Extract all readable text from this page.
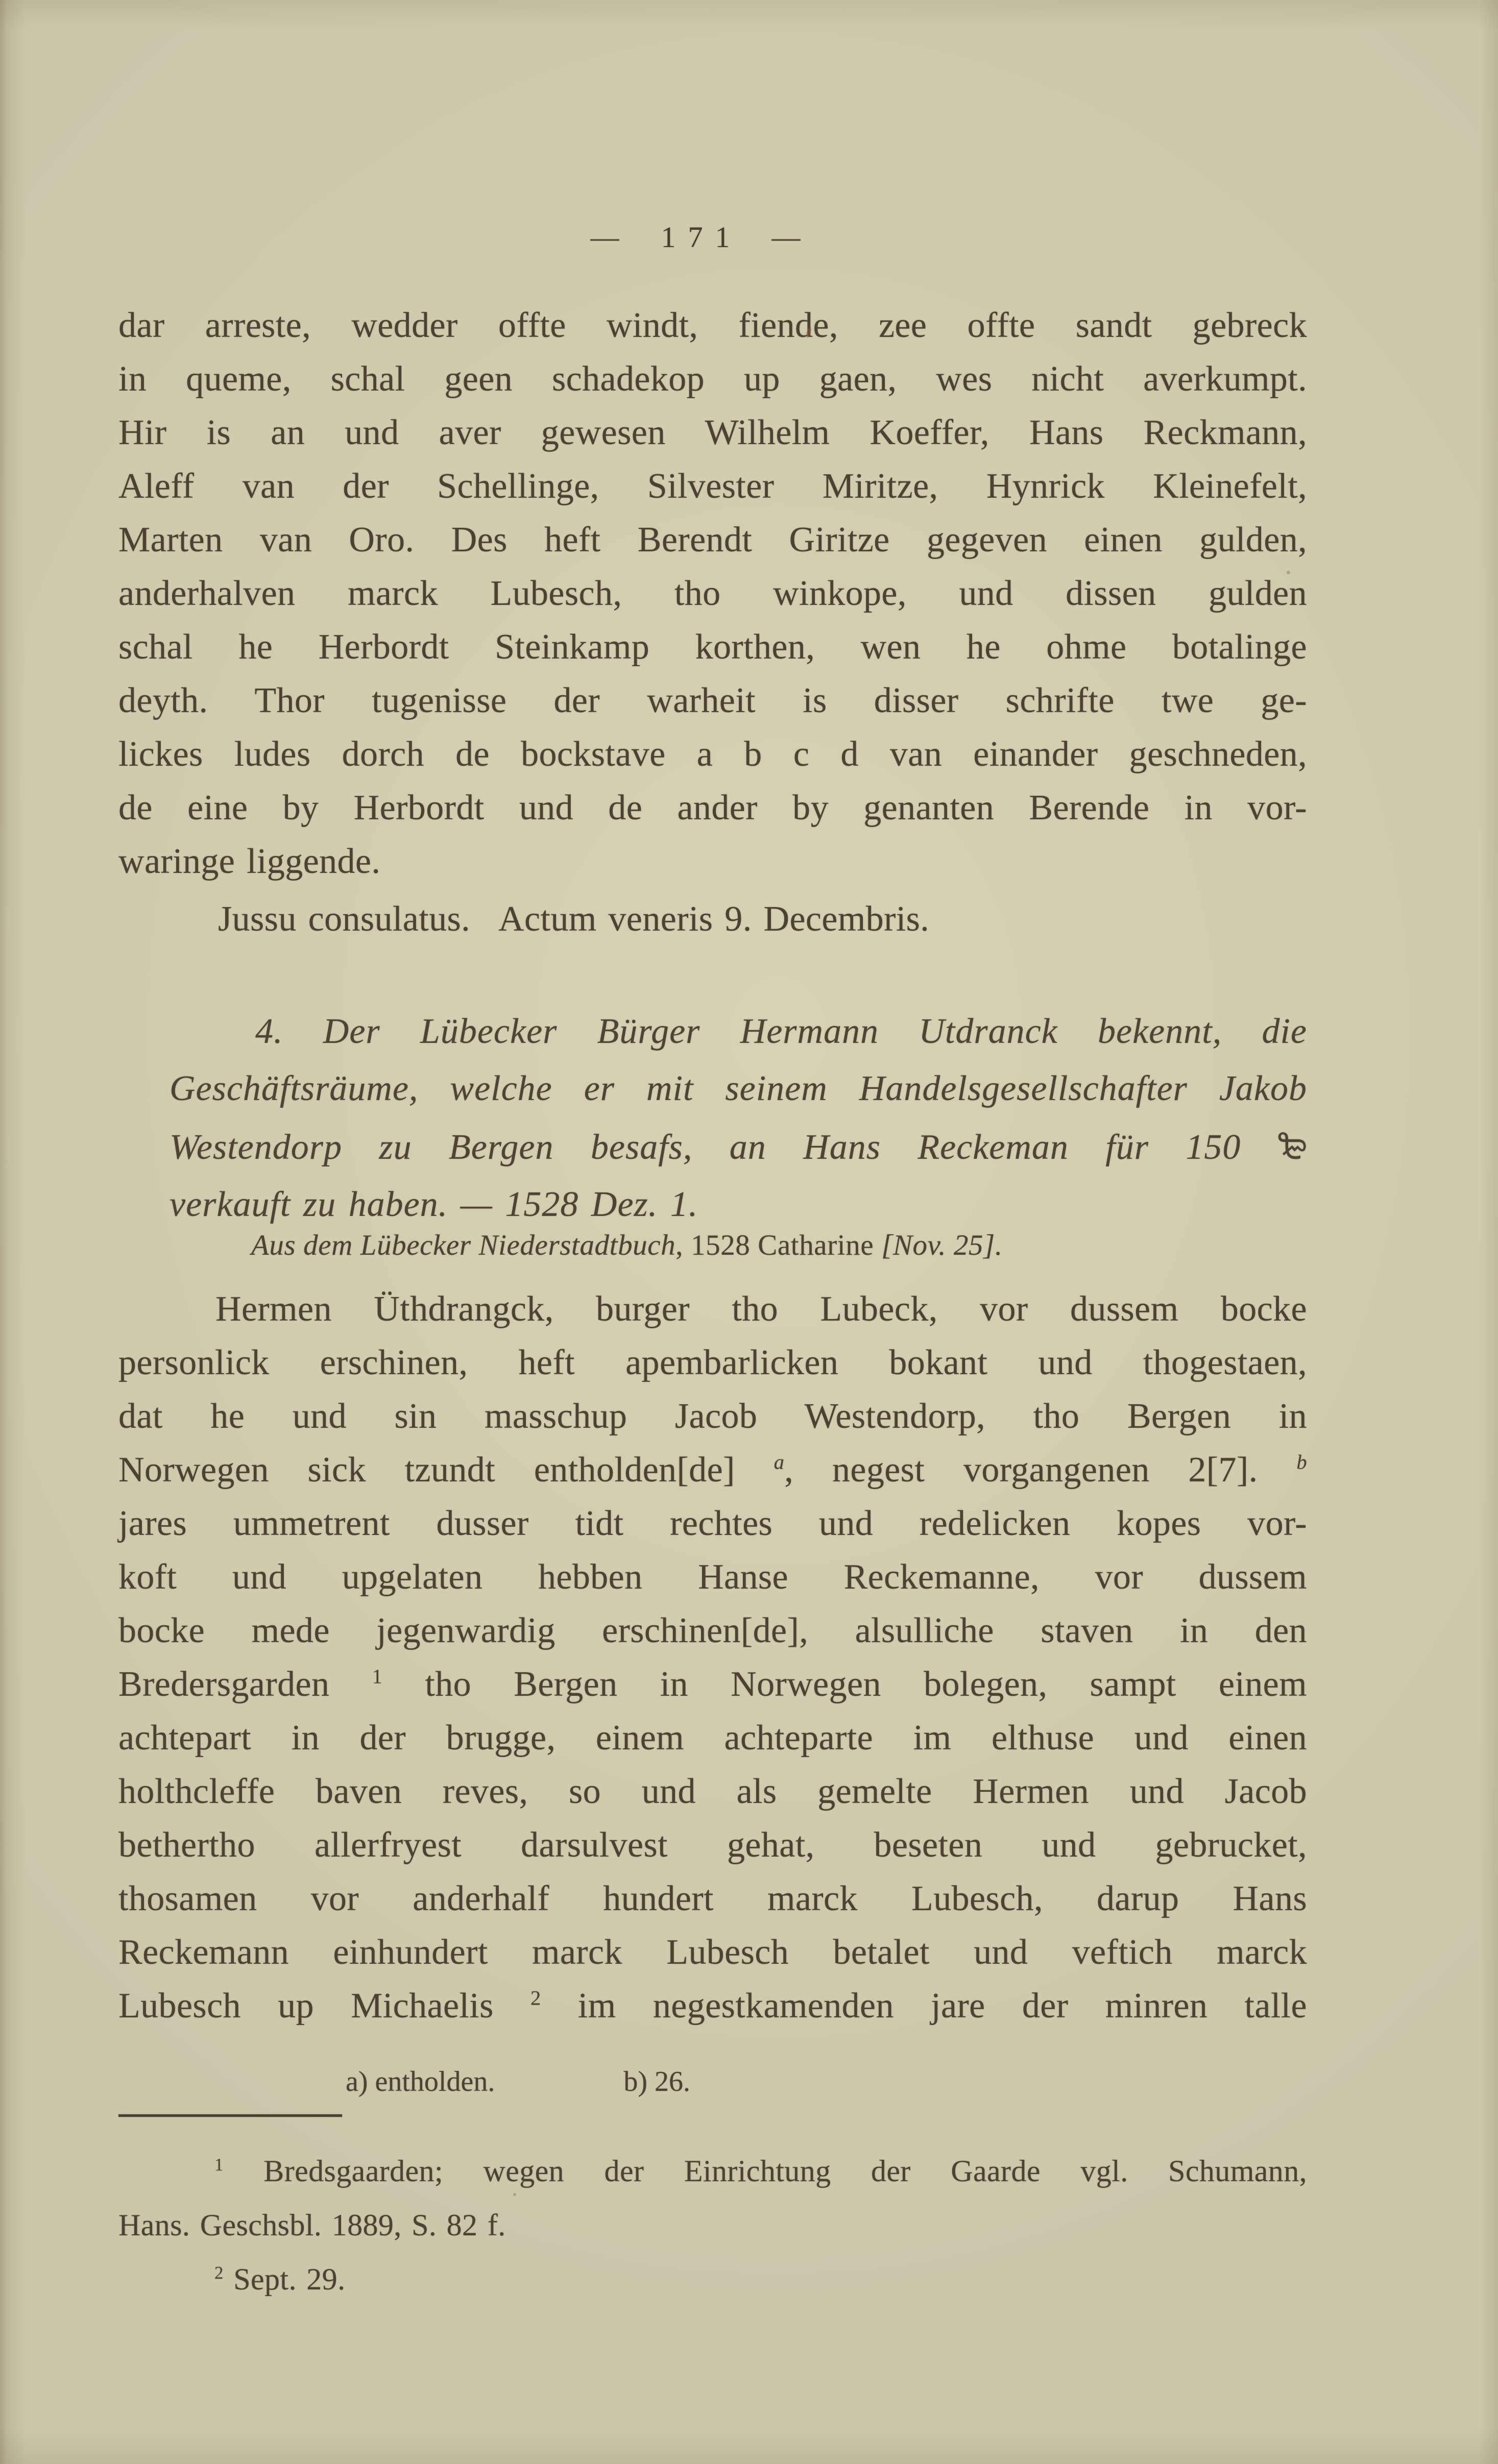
—	171 —
dar arreste, wedder offte windt, fiende, zee offte sandt gebreck
in queme, schal geen schadekop up gaen, wes nicht averkumpt.
Hir is an und aver gewesen Wilhelm Koeffer, Hans Reckmann,
Aleff van der Schellinge, Silvester Miritze, Hynrick Kleinefelt,
Marten van Oro. Des heft Berendt Giritze gegeven einen gulden,
anderhalven marck Lubesch, tho winkope, und dissen gulden
schal he Herbordt Steinkamp korthen, wen he ohme botalinge
deyth. Thor tugenisse der warheit is disser schrifte twe ge-
lickes ludes dorch de bockstave a b c d van einander geschneden,
de eine by Herbordt und de ander by genanten Berende in vor-
waringe liggende.
Jussu consulatus. Actum veneris 9. Decembris.
4. Der Lübecker Bürger Hermann Utdranck bekennt, die
Geschäftsräume, welche er mit seinem Handelsgesellschafter Jakob
Westendorp zu Bergen besafs, an Hans Reckeman für 150 ₻
verkauft zu haben. — 1528 Dez. 1.
Aus dem Lübecker Niederstadtbuch, 1528 Catharine [Nov. 25].
Hermen Üthdrangck, burger tho Lubeck, vor dussem bocke
personlick erschinen, heft apembarlicken bokant und thogestaen,
dat he und sin masschup Jacob Westendorp, tho Bergen in
Norwegen sick tzundt entholden[de] $^a$, negest vorgangenen 2[7]. $^b$
jares ummetrent dusser tidt rechtes und redelicken kopes vor-
koft und upgelaten hebben Hanse Reckemanne, vor dussem
bocke mede jegenwardig erschinen[de], alsulliche staven in den
Bredersgarden $^1$ tho Bergen in Norwegen bolegen, sampt einem
achtepart in der brugge, einem achteparte im elthuse und einen
holthcleffe baven reves, so und als gemelte Hermen und Jacob
bethertho allerfryest darsulvest gehat, beseten und gebrucket,
thosamen vor anderhalf hundert marck Lubesch, darup Hans
Reckemann einhundert marck Lubesch betalet und veftich marck
Lubesch up Michaelis $^2$ im negestkamenden jare der minren talle
a) entholden.	b) 26.
$^1$ Bredsgaarden; wegen der Einrichtung der Gaarde vgl. Schumann,
Hans. Geschsbl. 1889, S. 82 f.
$^2$ Sept. 29.
